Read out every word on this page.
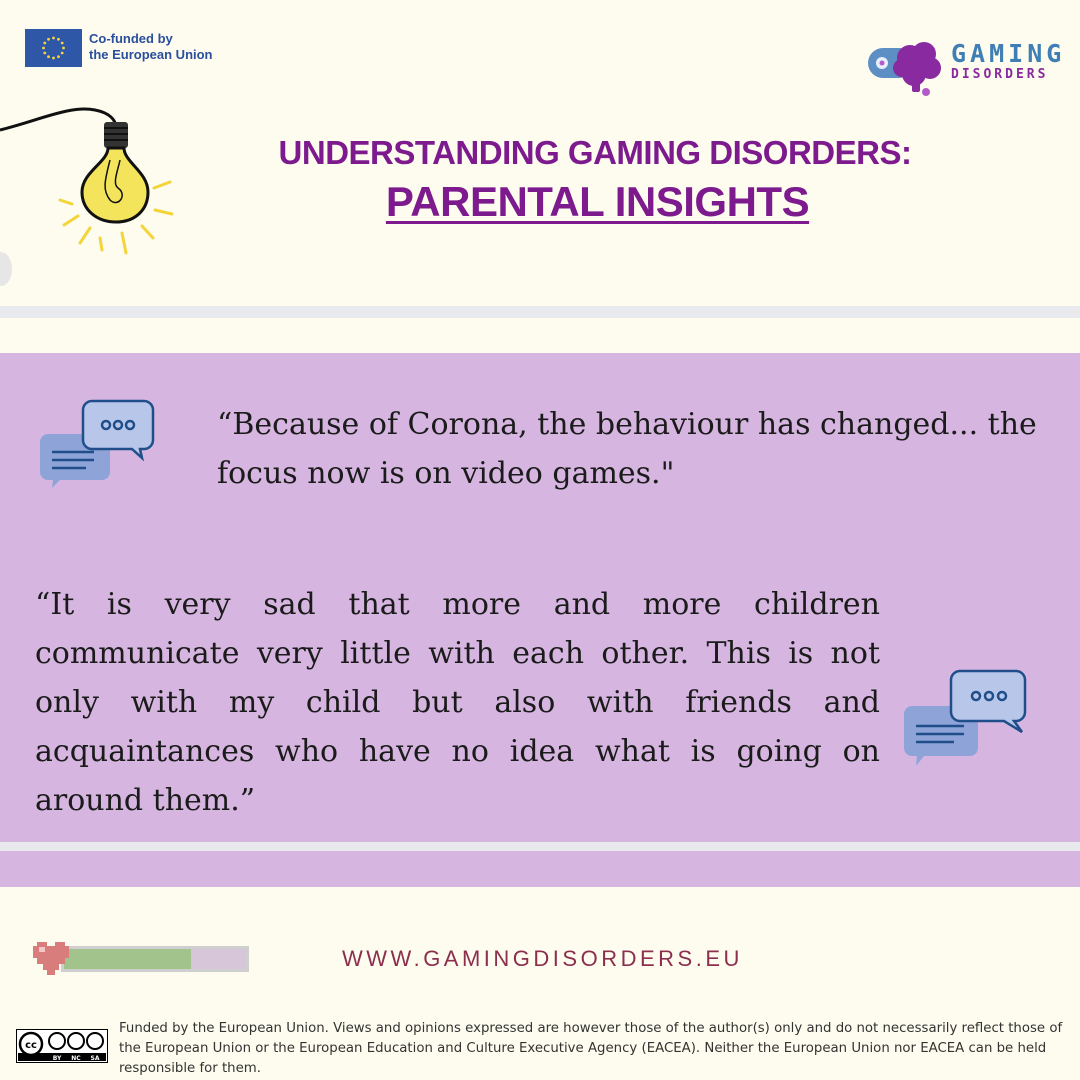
Co-funded by
the European Union	GAMING
DISORDERS
UNDERSTANDING GAMING DISORDERS:
PARENTAL INSIGHTS
“Because of Corona, the behaviour has changed... the focus now is on video games."
“It is very sad that more and more children communicate very little with each other. This is not only with my child but also with friends and acquaintances who have no idea what is going on around them.”
WWW.GAMINGDISORDERS.EU
cc
BY NC SA
Funded by the European Union. Views and opinions expressed are however those of the author(s) only and do not necessarily reflect those of the European Union or the European Education and Culture Executive Agency (EACEA). Neither the European Union nor EACEA can be held responsible for them.
